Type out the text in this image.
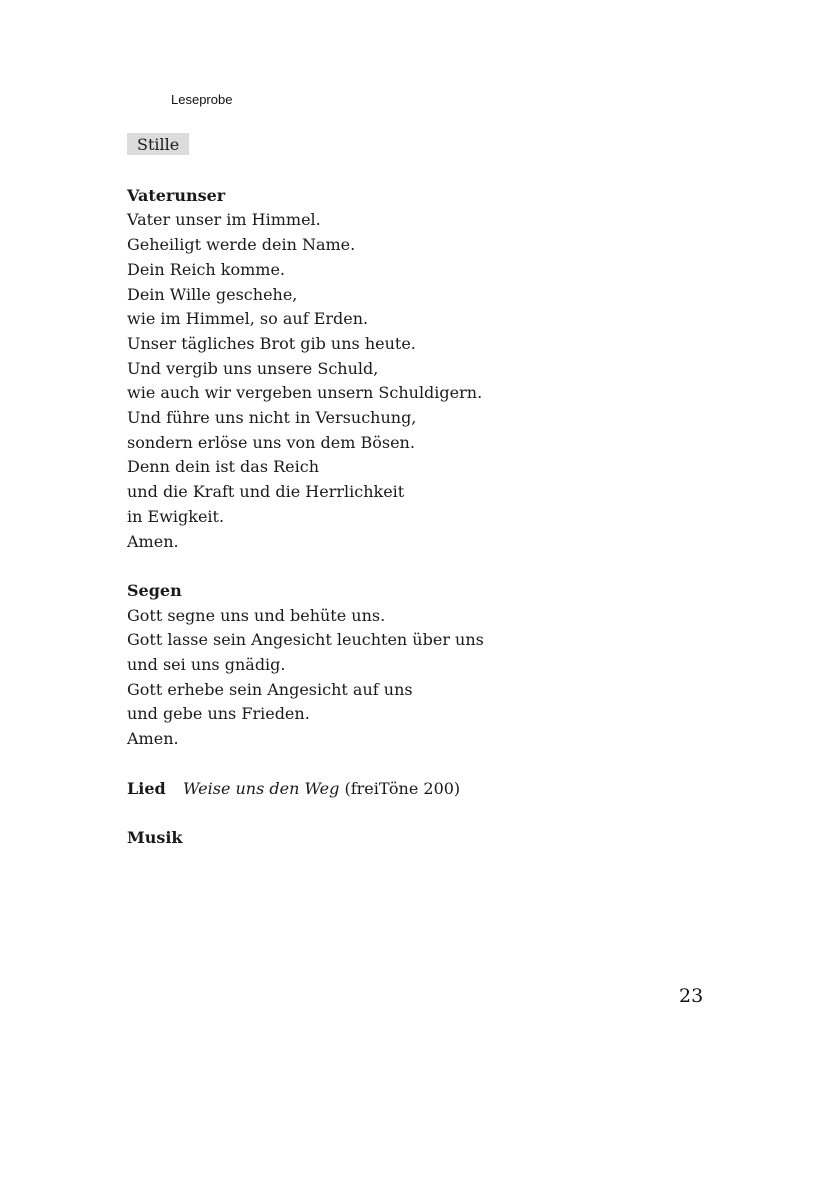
Leseprobe
Stille
Vaterunser
Vater unser im Himmel.
Geheiligt werde dein Name.
Dein Reich komme.
Dein Wille geschehe,
wie im Himmel, so auf Erden.
Unser tägliches Brot gib uns heute.
Und vergib uns unsere Schuld,
wie auch wir vergeben unsern Schuldigern.
Und führe uns nicht in Versuchung,
sondern erlöse uns von dem Bösen.
Denn dein ist das Reich
und die Kraft und die Herrlichkeit
in Ewigkeit.
Amen.
Segen
Gott segne uns und behüte uns.
Gott lasse sein Angesicht leuchten über uns
und sei uns gnädig.
Gott erhebe sein Angesicht auf uns
und gebe uns Frieden.
Amen.
Lied Weise uns den Weg (freiTöne 200)
Musik
23
